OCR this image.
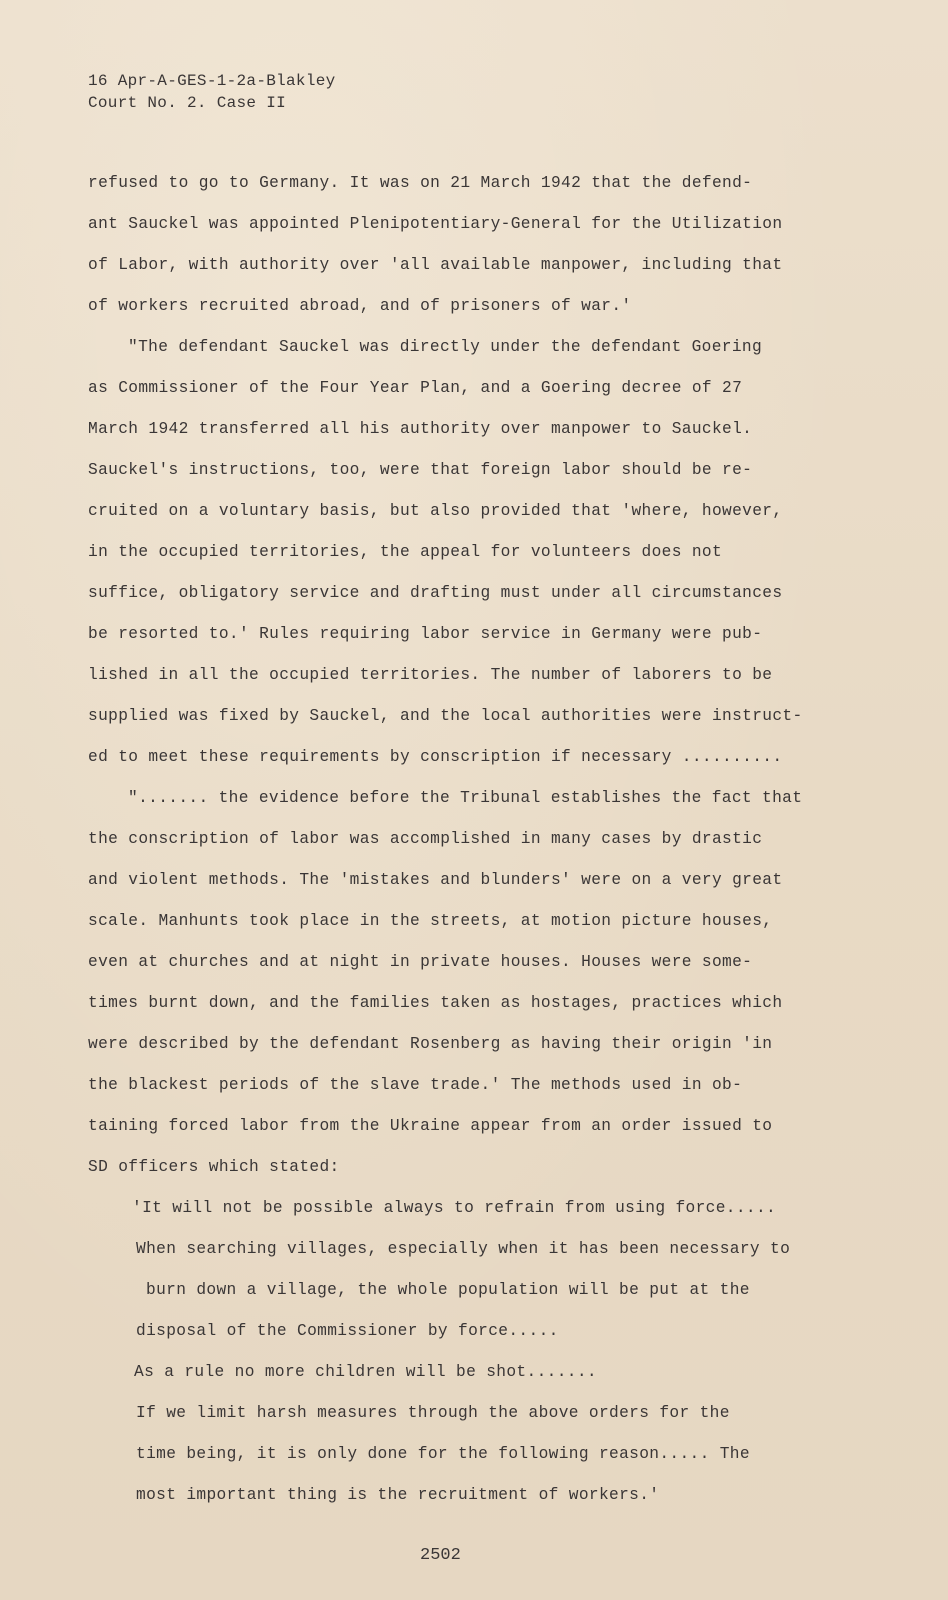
16 Apr-A-GES-1-2a-Blakley
Court No. 2. Case II
refused to go to Germany. It was on 21 March 1942 that the defend-
ant Sauckel was appointed Plenipotentiary-General for the Utilization
of Labor, with authority over 'all available manpower, including that
of workers recruited abroad, and of prisoners of war.'
"The defendant Sauckel was directly under the defendant Goering
as Commissioner of the Four Year Plan, and a Goering decree of 27
March 1942 transferred all his authority over manpower to Sauckel.
Sauckel's instructions, too, were that foreign labor should be re-
cruited on a voluntary basis, but also provided that 'where, however,
in the occupied territories, the appeal for volunteers does not
suffice, obligatory service and drafting must under all circumstances
be resorted to.' Rules requiring labor service in Germany were pub-
lished in all the occupied territories. The number of laborers to be
supplied was fixed by Sauckel, and the local authorities were instruct-
ed to meet these requirements by conscription if necessary ..........
"....... the evidence before the Tribunal establishes the fact that
the conscription of labor was accomplished in many cases by drastic
and violent methods. The 'mistakes and blunders' were on a very great
scale. Manhunts took place in the streets, at motion picture houses,
even at churches and at night in private houses. Houses were some-
times burnt down, and the families taken as hostages, practices which
were described by the defendant Rosenberg as having their origin 'in
the blackest periods of the slave trade.' The methods used in ob-
taining forced labor from the Ukraine appear from an order issued to
SD officers which stated:
'It will not be possible always to refrain from using force.....
When searching villages, especially when it has been necessary to
burn down a village, the whole population will be put at the
disposal of the Commissioner by force.....
As a rule no more children will be shot.......
If we limit harsh measures through the above orders for the
time being, it is only done for the following reason..... The
most important thing is the recruitment of workers.'
2502
